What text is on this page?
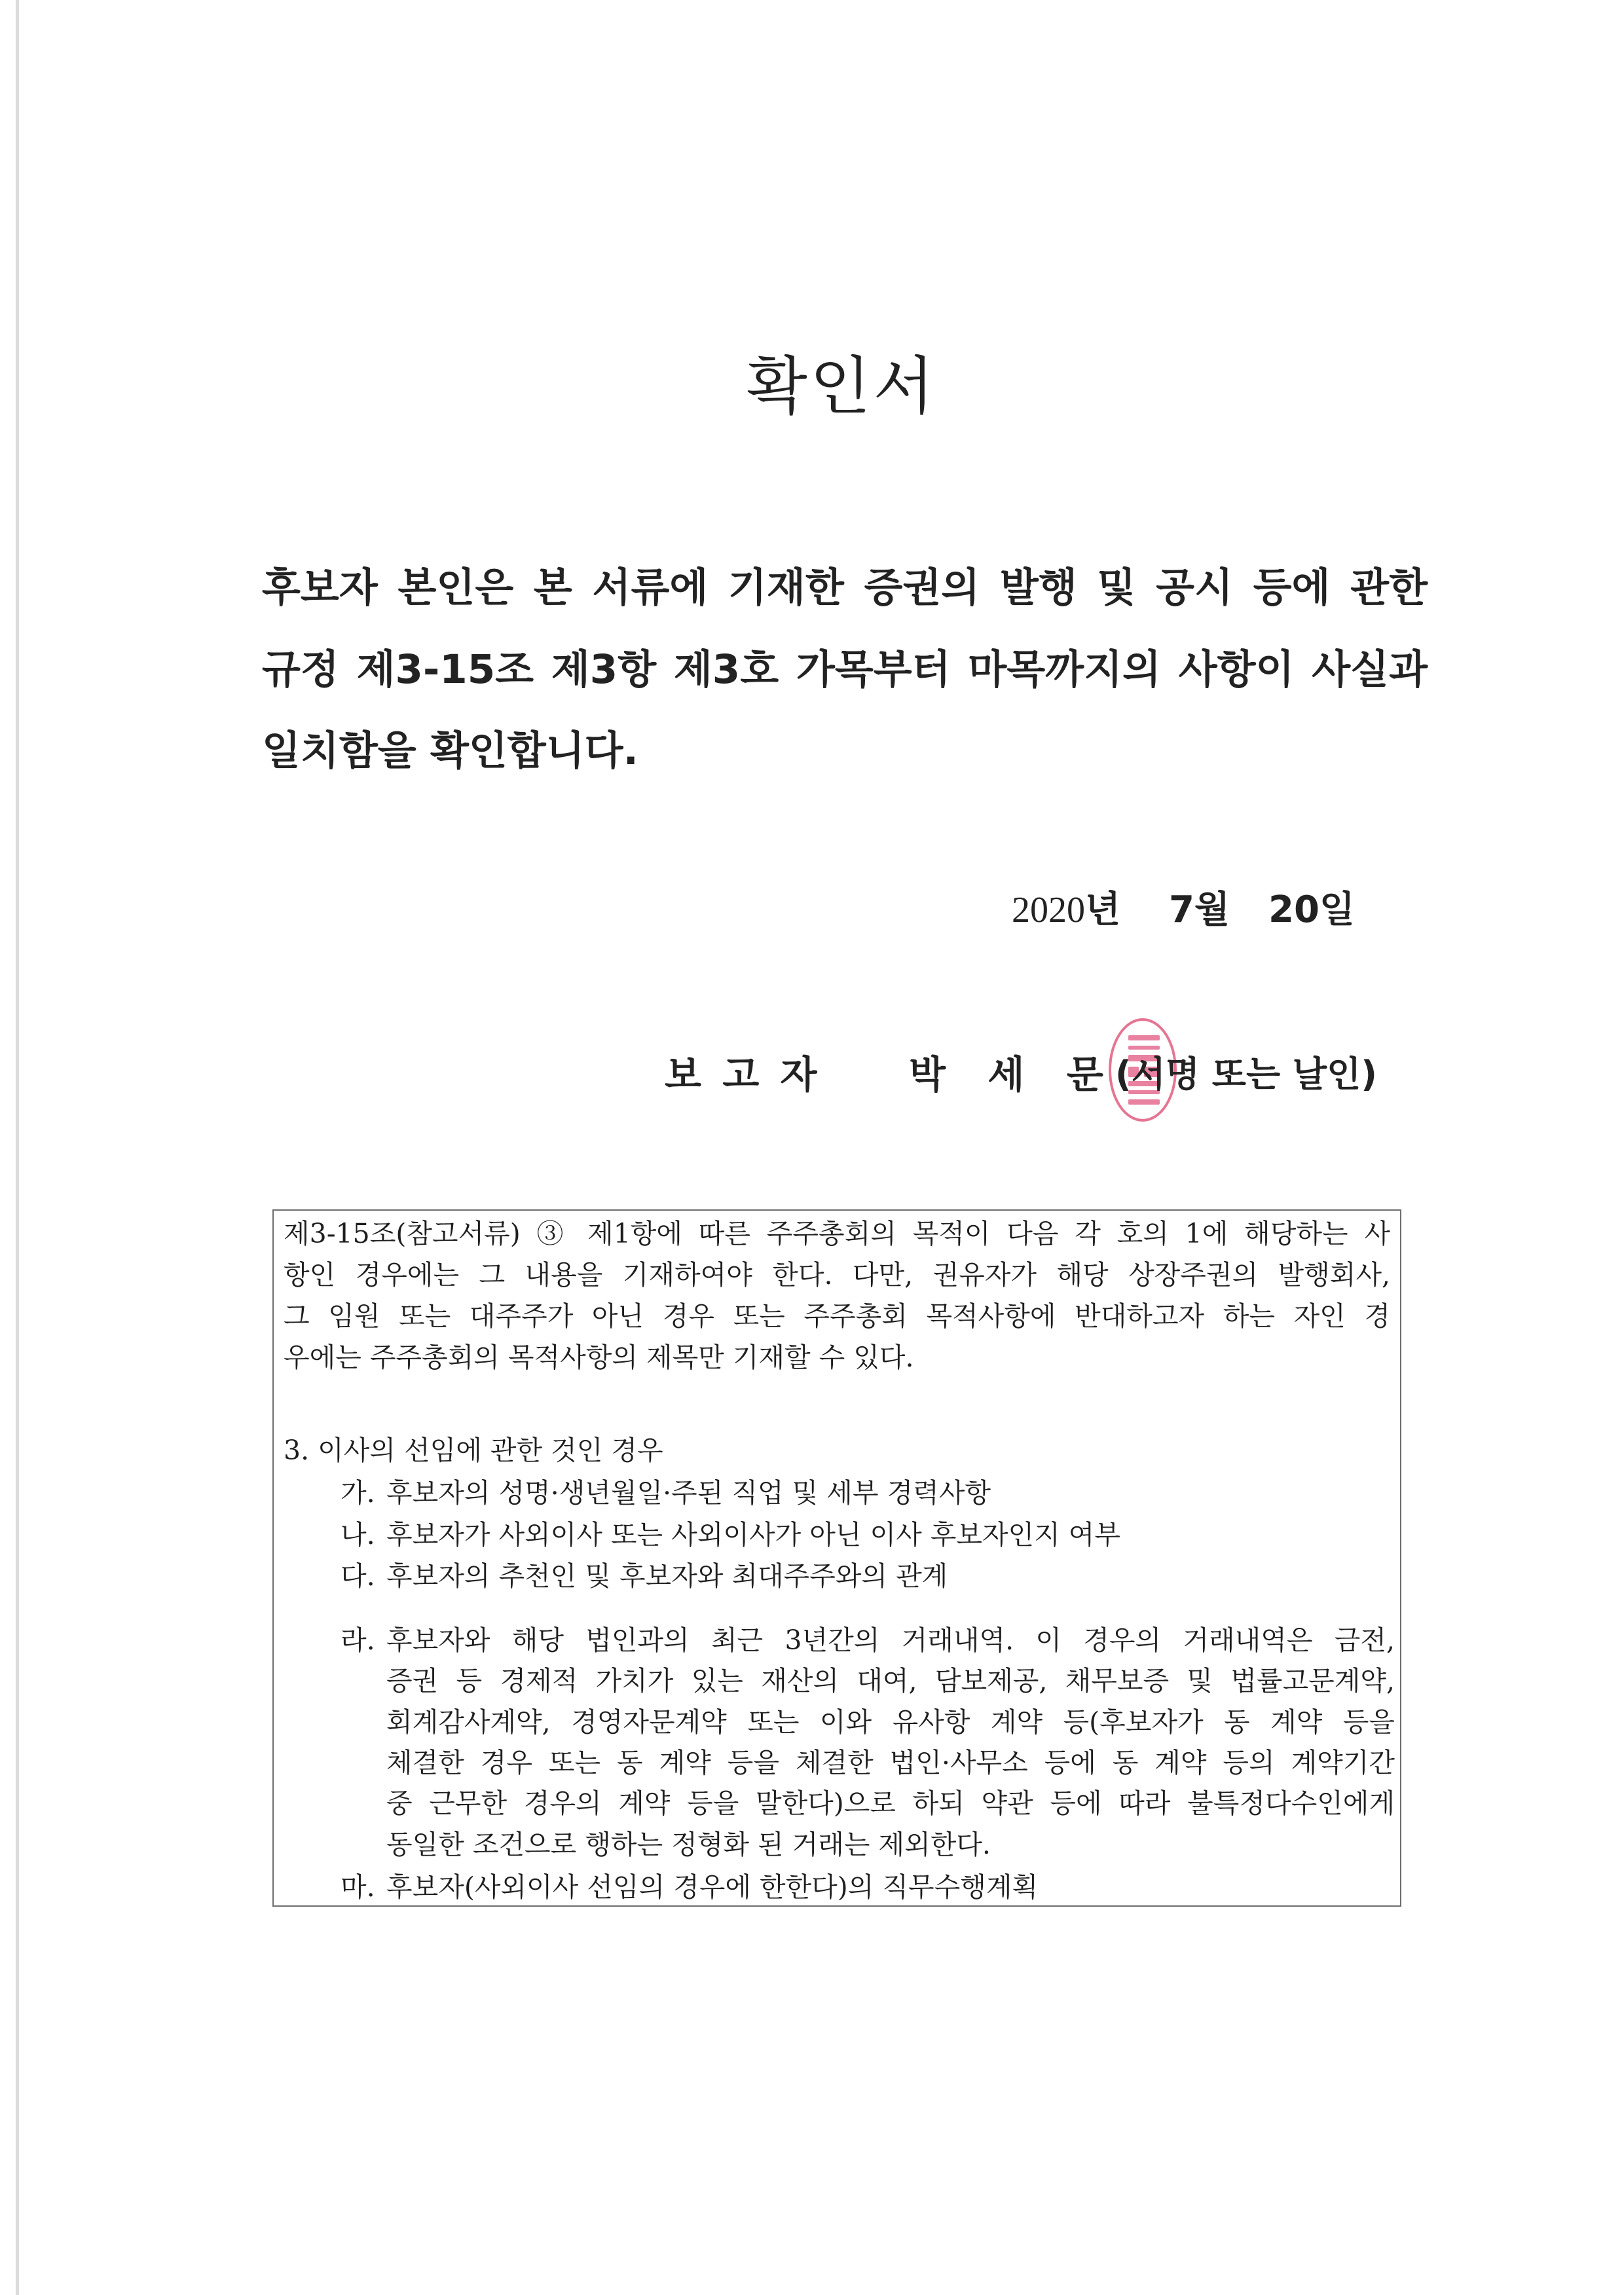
확인서
후보자 본인은 본 서류에 기재한 증권의 발행 및 공시 등에 관한
규정 제3-15조 제3항 제3호 가목부터 마목까지의 사항이 사실과
일치함을 확인합니다.
2020년 7월 20일
보 고 자 박  세  문 (서명 또는 날인)
제3-15조(참고서류) ③ 제1항에 따른 주주총회의 목적이 다음 각 호의 1에 해당하는 사
항인 경우에는 그 내용을 기재하여야 한다. 다만, 권유자가 해당 상장주권의 발행회사,
그 임원 또는 대주주가 아닌 경우 또는 주주총회 목적사항에 반대하고자 하는 자인 경
우에는 주주총회의 목적사항의 제목만 기재할 수 있다.
3. 이사의 선임에 관한 것인 경우
가. 후보자의 성명·생년월일·주된 직업 및 세부 경력사항
나. 후보자가 사외이사 또는 사외이사가 아닌 이사 후보자인지 여부
다. 후보자의 추천인 및 후보자와 최대주주와의 관계
라. 후보자와 해당 법인과의 최근 3년간의 거래내역. 이 경우의 거래내역은 금전,
증권 등 경제적 가치가 있는 재산의 대여, 담보제공, 채무보증 및 법률고문계약,
회계감사계약, 경영자문계약 또는 이와 유사항 계약 등(후보자가 동 계약 등을
체결한 경우 또는 동 계약 등을 체결한 법인·사무소 등에 동 계약 등의 계약기간
중 근무한 경우의 계약 등을 말한다)으로 하되 약관 등에 따라 불특정다수인에게
동일한 조건으로 행하는 정형화 된 거래는 제외한다.
마. 후보자(사외이사 선임의 경우에 한한다)의 직무수행계획
